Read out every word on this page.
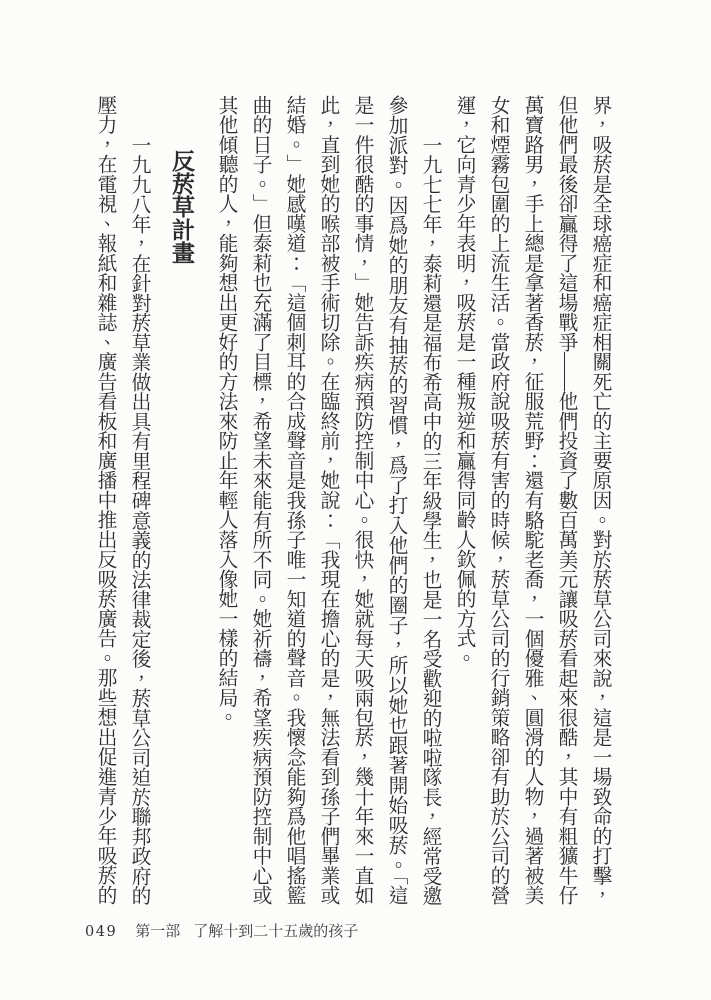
界，吸菸是全球癌症和癌症相關死亡的主要原因。對於菸草公司來說，這是一場致命的打擊，但他們最後卻贏得了這場戰爭——他們投資了數百萬美元讓吸菸看起來很酷，其中有粗獷牛仔萬寶路男，手上總是拿著香菸，征服荒野：還有駱駝老喬，一個優雅、圓滑的人物，過著被美女和煙霧包圍的上流生活。當政府說吸菸有害的時候，菸草公司的行銷策略卻有助於公司的營運，它向青少年表明，吸菸是一種叛逆和贏得同齡人欽佩的方式。

一九七七年，泰莉還是福布希高中的三年級學生，也是一名受歡迎的啦啦隊長，經常受邀參加派對。因爲她的朋友有抽菸的習慣，爲了打入他們的圈子，所以她也跟著開始吸菸。「這是一件很酷的事情，」她告訴疾病預防控制中心。很快，她就每天吸兩包菸，幾十年來一直如此，直到她的喉部被手術切除。在臨終前，她說：「我現在擔心的是，無法看到孫子們畢業或結婚。」她感嘆道：「這個刺耳的合成聲音是我孫子唯一知道的聲音。我懷念能夠爲他唱搖籃曲的日子。」但泰莉也充滿了目標，希望未來能有所不同。她祈禱，希望疾病預防控制中心或其他傾聽的人，能夠想出更好的方法來防止年輕人落入像她一樣的結局。

反菸草計畫

一九九八年，在針對菸草業做出具有里程碑意義的法律裁定後，菸草公司迫於聯邦政府的壓力，在電視、報紙和雜誌、廣告看板和廣播中推出反吸菸廣告。那些想出促進青少年吸菸的

049 第一部 了解十到二十五歲的孩子
